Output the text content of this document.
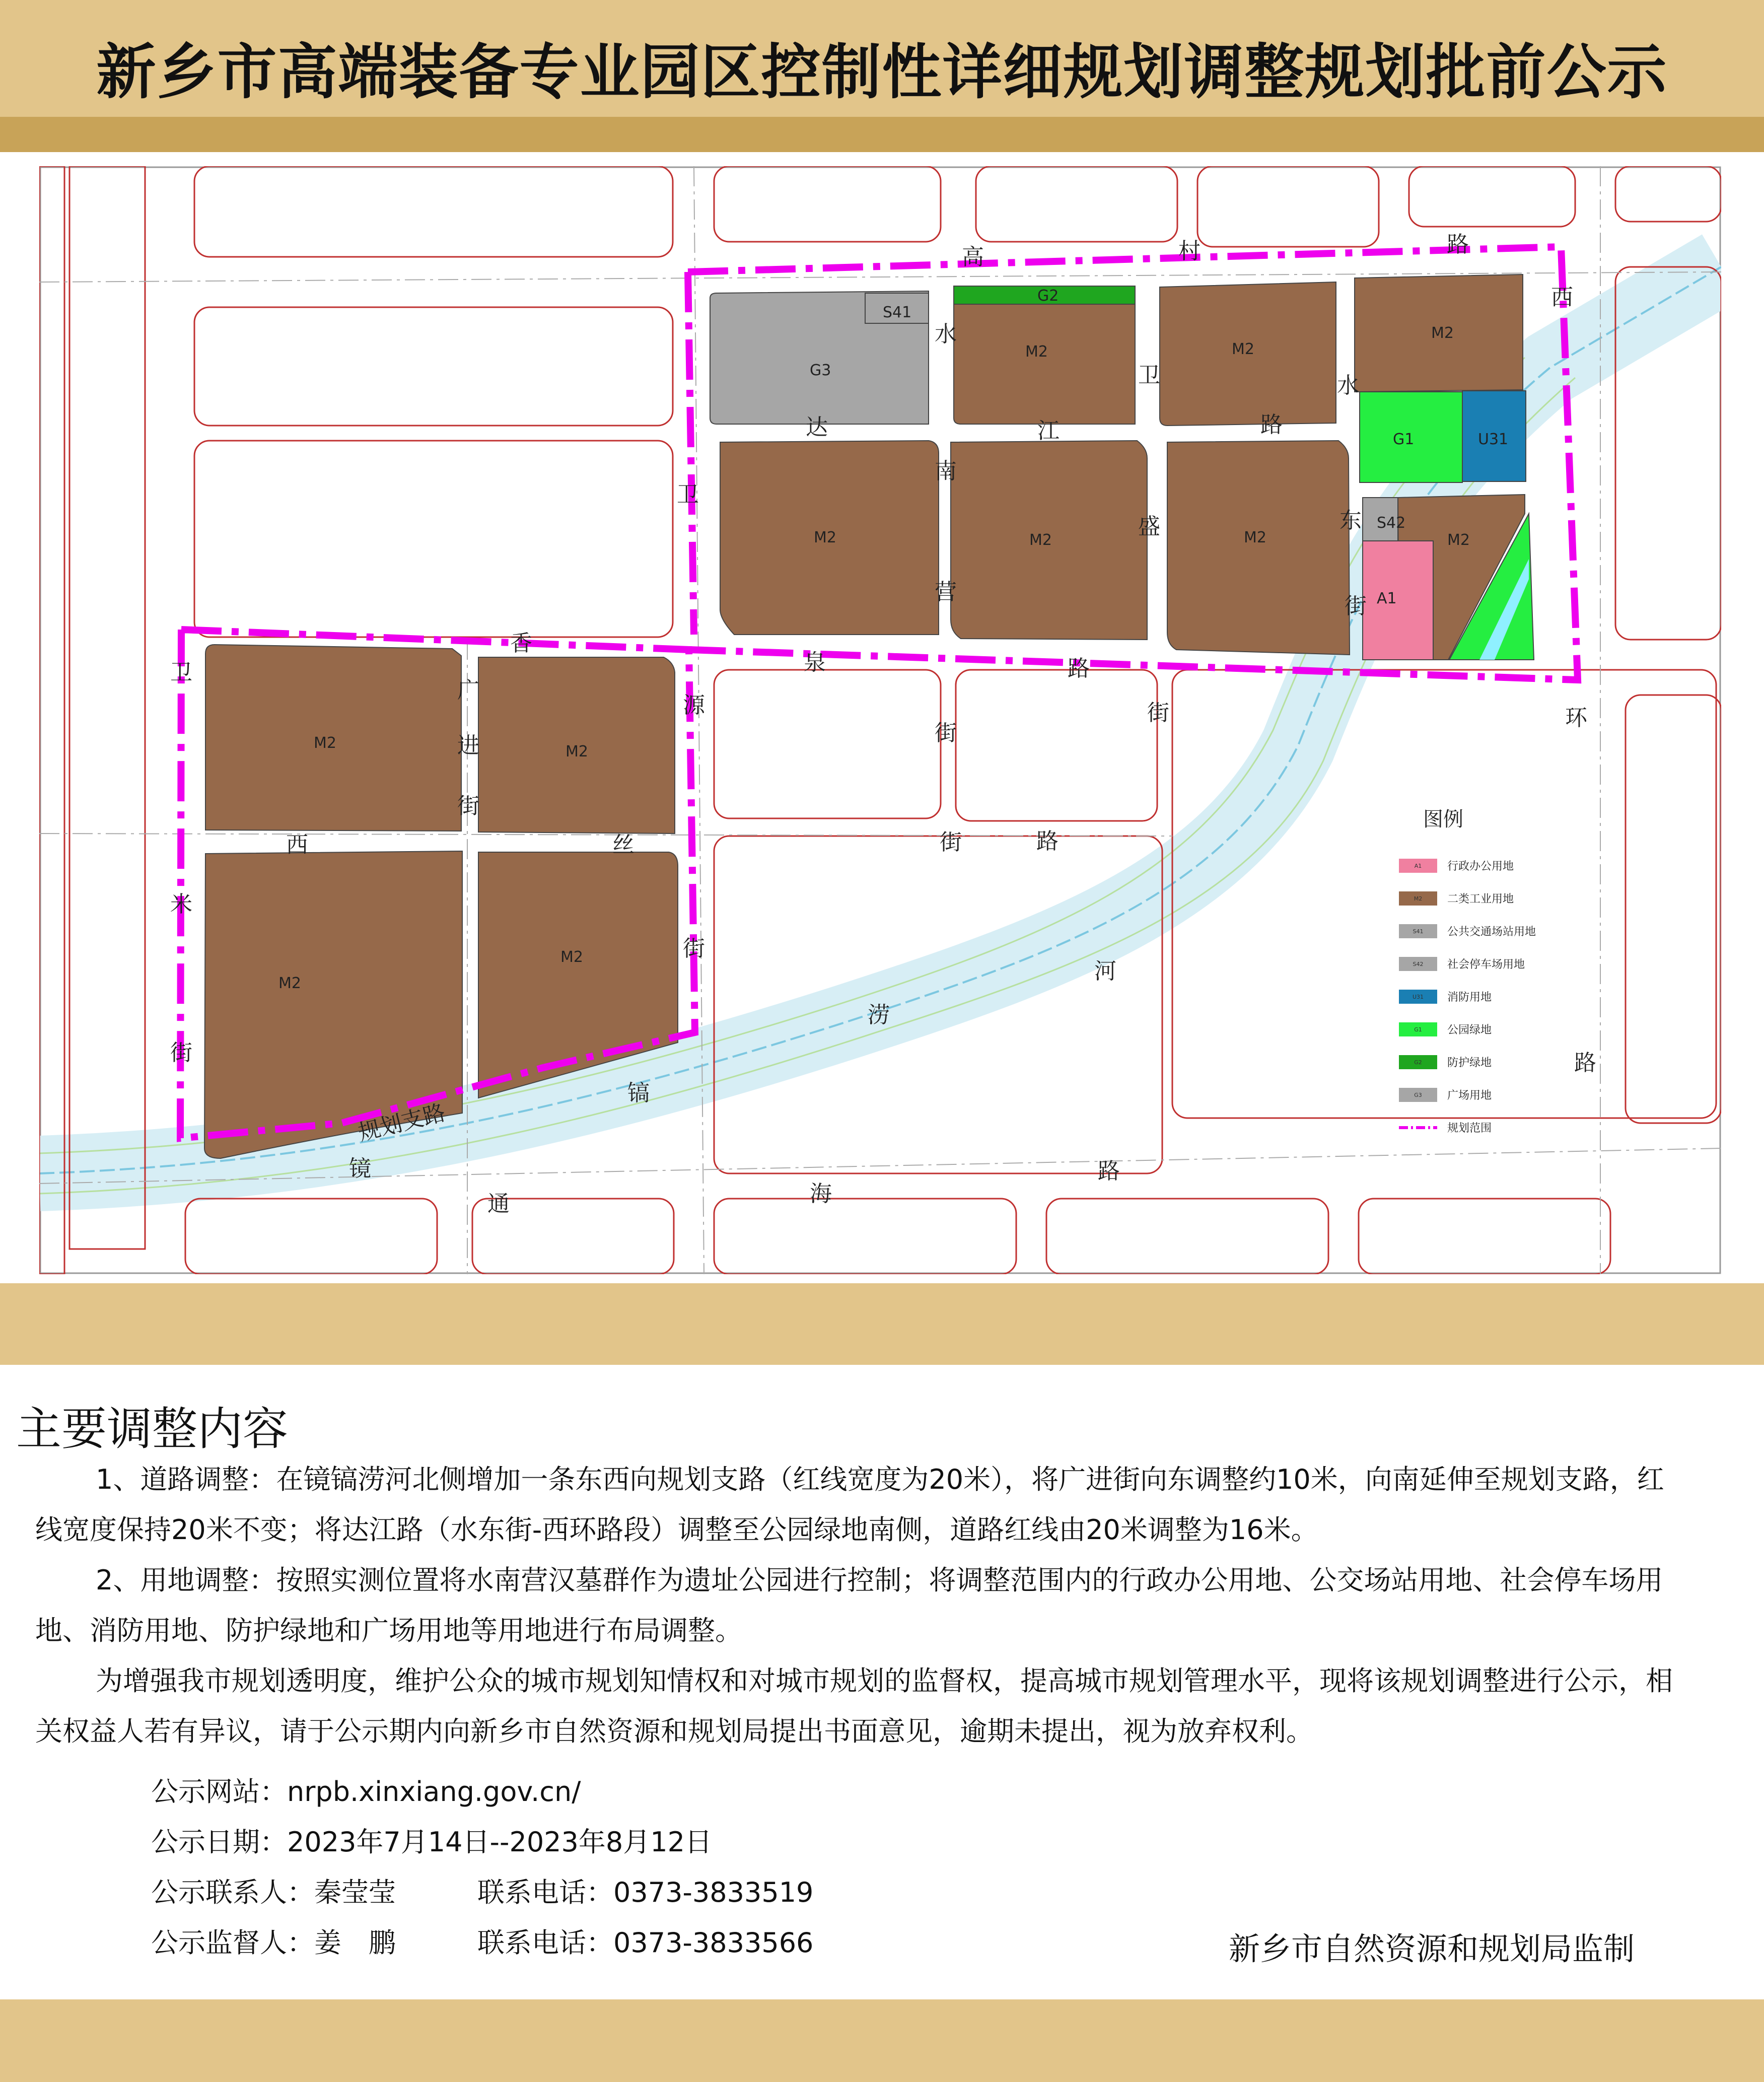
新乡市高端装备专业园区控制性详细规划调整规划批前公示
G3
S41
G2
M2	M2
M2
G1	U31
M2	M2	M2
S42
M2
A1
M2	M2
M2
M2
高	村	路
西
环
路
达	江	路
水
南
营
卫
盛
街
水
东
街
卫
源
街
香
泉	路
街
广
进
街
西	丝	街	路
卫
米
街
镜
镐
涝
河
通	海
路
规划支路
图例
A1 行政办公用地
M2 二类工业用地
S41 公共交通场站用地
S42 社会停车场用地
U31 消防用地
G1 公园绿地
G2 防护绿地
G3 广场用地
规划范围
主要调整内容
1、道路调整：在镜镐涝河北侧增加一条东西向规划支路（红线宽度为20米），将广进街向东调整约10米，向南延伸至规划支路，红线宽度保持20米不变；将达江路（水东街-西环路段）调整至公园绿地南侧，道路红线由20米调整为16米。
2、用地调整：按照实测位置将水南营汉墓群作为遗址公园进行控制；将调整范围内的行政办公用地、公交场站用地、社会停车场用地、消防用地、防护绿地和广场用地等用地进行布局调整。
为增强我市规划透明度，维护公众的城市规划知情权和对城市规划的监督权，提高城市规划管理水平，现将该规划调整进行公示，相关权益人若有异议，请于公示期内向新乡市自然资源和规划局提出书面意见，逾期未提出，视为放弃权利。
公示网站：nrpb.xinxiang.gov.cn/
公示日期：2023年7月14日--2023年8月12日
公示联系人：秦莹莹	联系电话：0373-3833519
公示监督人：姜　鹏	联系电话：0373-3833566	新乡市自然资源和规划局监制
